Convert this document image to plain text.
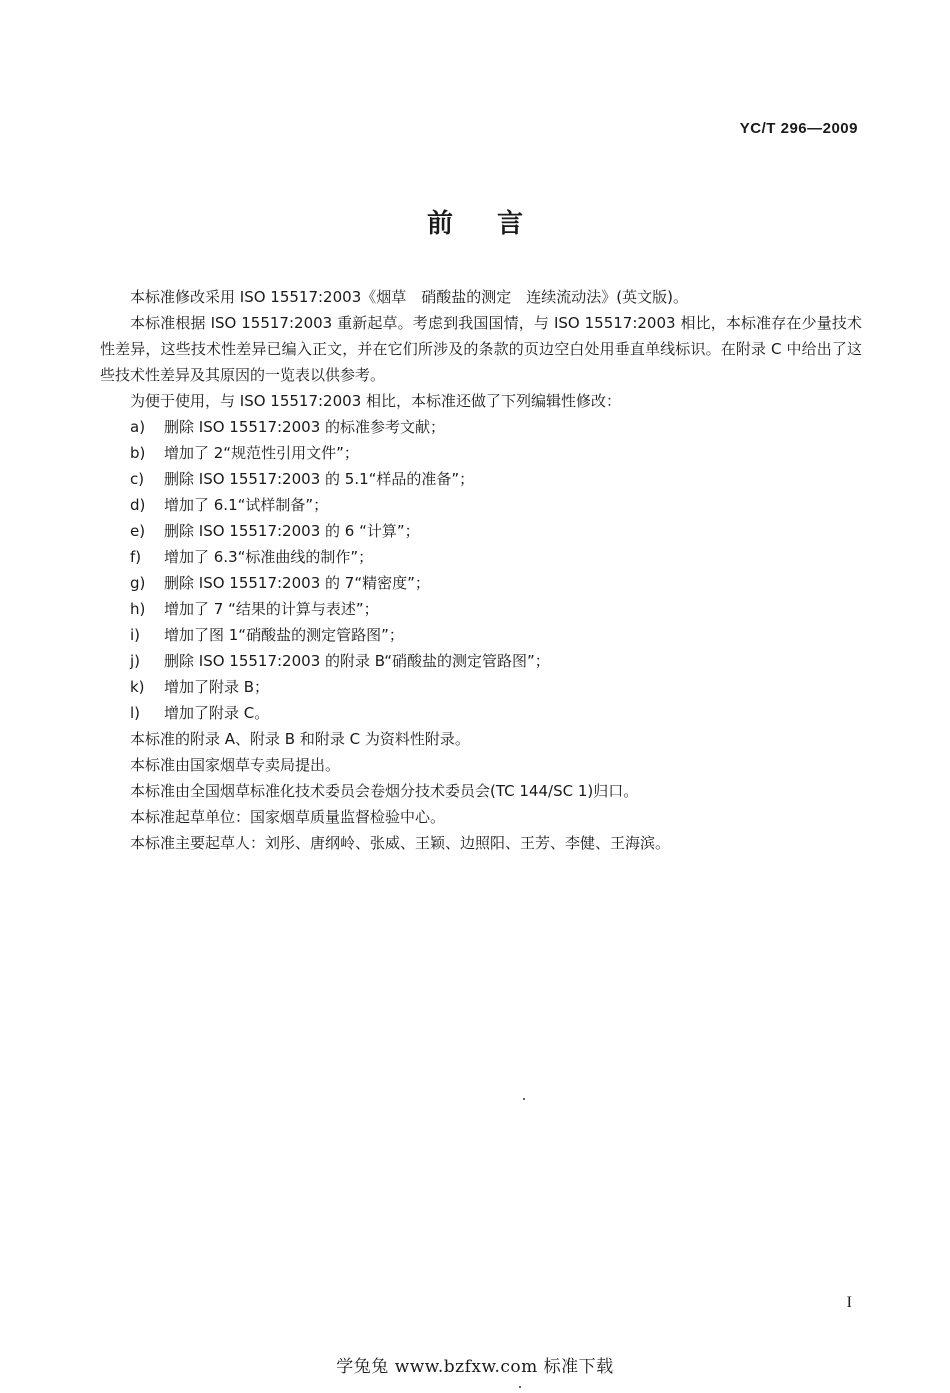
YC/T 296—2009
前言

本标准修改采用 ISO 15517:2003《烟草　硝酸盐的测定　连续流动法》(英文版)。

本标准根据 ISO 15517:2003 重新起草。考虑到我国国情，与 ISO 15517:2003 相比，本标准存在少量技术性差异，这些技术性差异已编入正文，并在它们所涉及的条款的页边空白处用垂直单线标识。在附录 C 中给出了这些技术性差异及其原因的一览表以供参考。

为便于使用，与 ISO 15517:2003 相比，本标准还做了下列编辑性修改：

a) 删除 ISO 15517:2003 的标准参考文献；

b) 增加了 2“规范性引用文件”；

c) 删除 ISO 15517:2003 的 5.1“样品的准备”；

d) 增加了 6.1“试样制备”；

e) 删除 ISO 15517:2003 的 6 “计算”；

f) 增加了 6.3“标准曲线的制作”；

g) 删除 ISO 15517:2003 的 7“精密度”；

h) 增加了 7 “结果的计算与表述”；

i) 增加了图 1“硝酸盐的测定管路图”；

j) 删除 ISO 15517:2003 的附录 B“硝酸盐的测定管路图”；

k) 增加了附录 B；

l) 增加了附录 C。

本标准的附录 A、附录 B 和附录 C 为资料性附录。

本标准由国家烟草专卖局提出。

本标准由全国烟草标准化技术委员会卷烟分技术委员会(TC 144/SC 1)归口。

本标准起草单位：国家烟草质量监督检验中心。

本标准主要起草人：刘彤、唐纲岭、张威、王颖、边照阳、王芳、李健、王海滨。

I
学兔兔 www.bzfxw.com 标准下载
